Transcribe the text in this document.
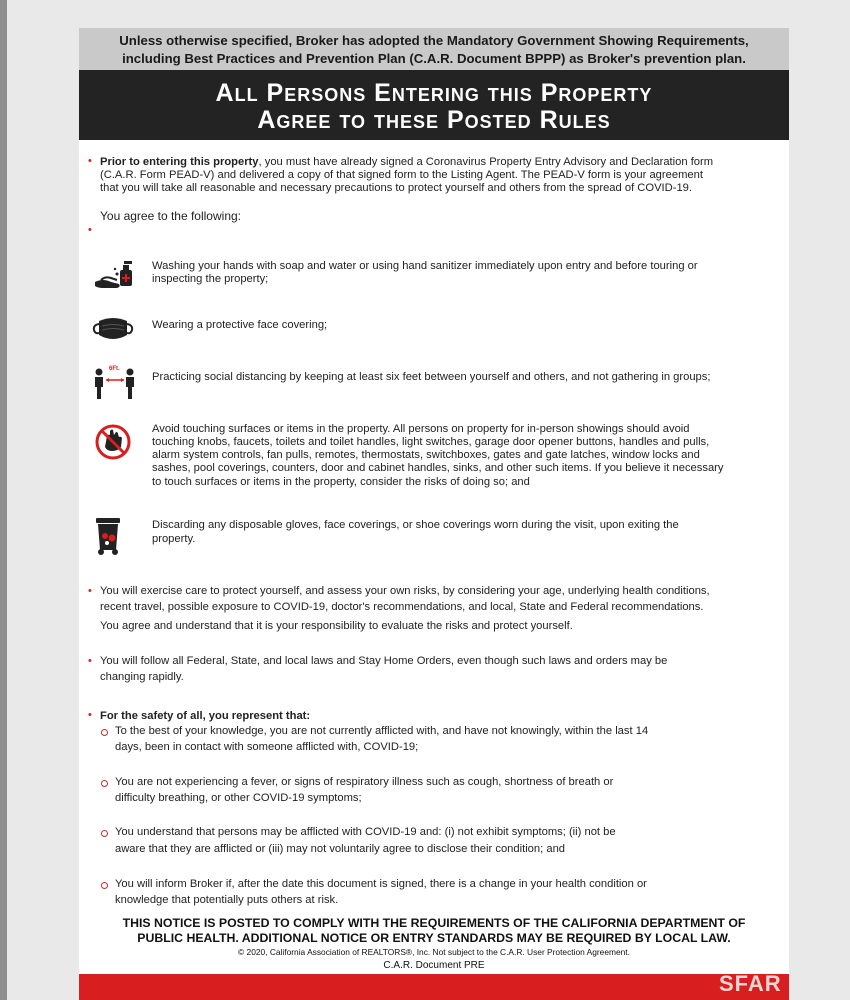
Unless otherwise specified, Broker has adopted the Mandatory Government Showing Requirements,
including Best Practices and Prevention Plan (C.A.R. Document BPPP) as Broker's prevention plan.
All Persons Entering this Property
Agree to these Posted Rules
• Prior to entering this property, you must have already signed a Coronavirus Property Entry Advisory and Declaration form
(C.A.R. Form PEAD-V) and delivered a copy of that signed form to the Listing Agent. The PEAD-V form is your agreement
that you will take all reasonable and necessary precautions to protect yourself and others from the spread of COVID-19.
You agree to the following:
•
Washing your hands with soap and water or using hand sanitizer immediately upon entry and before touring or
inspecting the property;
Wearing a protective face covering;
6Ft.
Practicing social distancing by keeping at least six feet between yourself and others, and not gathering in groups;
Avoid touching surfaces or items in the property. All persons on property for in-person showings should avoid
touching knobs, faucets, toilets and toilet handles, light switches, garage door opener buttons, handles and pulls,
alarm system controls, fan pulls, remotes, thermostats, switchboxes, gates and gate latches, window locks and
sashes, pool coverings, counters, door and cabinet handles, sinks, and other such items. If you believe it necessary
to touch surfaces or items in the property, consider the risks of doing so; and
Discarding any disposable gloves, face coverings, or shoe coverings worn during the visit, upon exiting the
property.
• You will exercise care to protect yourself, and assess your own risks, by considering your age, underlying health conditions,
recent travel, possible exposure to COVID-19, doctor's recommendations, and local, State and Federal recommendations.
You agree and understand that it is your responsibility to evaluate the risks and protect yourself.
• You will follow all Federal, State, and local laws and Stay Home Orders, even though such laws and orders may be
changing rapidly.
• For the safety of all, you represent that:
To the best of your knowledge, you are not currently afflicted with, and have not knowingly, within the last 14
days, been in contact with someone afflicted with, COVID-19;
You are not experiencing a fever, or signs of respiratory illness such as cough, shortness of breath or
difficulty breathing, or other COVID-19 symptoms;
You understand that persons may be afflicted with COVID-19 and: (i) not exhibit symptoms; (ii) not be
aware that they are afflicted or (iii) may not voluntarily agree to disclose their condition; and
You will inform Broker if, after the date this document is signed, there is a change in your health condition or
knowledge that potentially puts others at risk.
THIS NOTICE IS POSTED TO COMPLY WITH THE REQUIREMENTS OF THE CALIFORNIA DEPARTMENT OF
PUBLIC HEALTH. ADDITIONAL NOTICE OR ENTRY STANDARDS MAY BE REQUIRED BY LOCAL LAW.
© 2020, California Association of REALTORS®, Inc. Not subject to the C.A.R. User Protection Agreement.
C.A.R. Document PRE
SFAR
